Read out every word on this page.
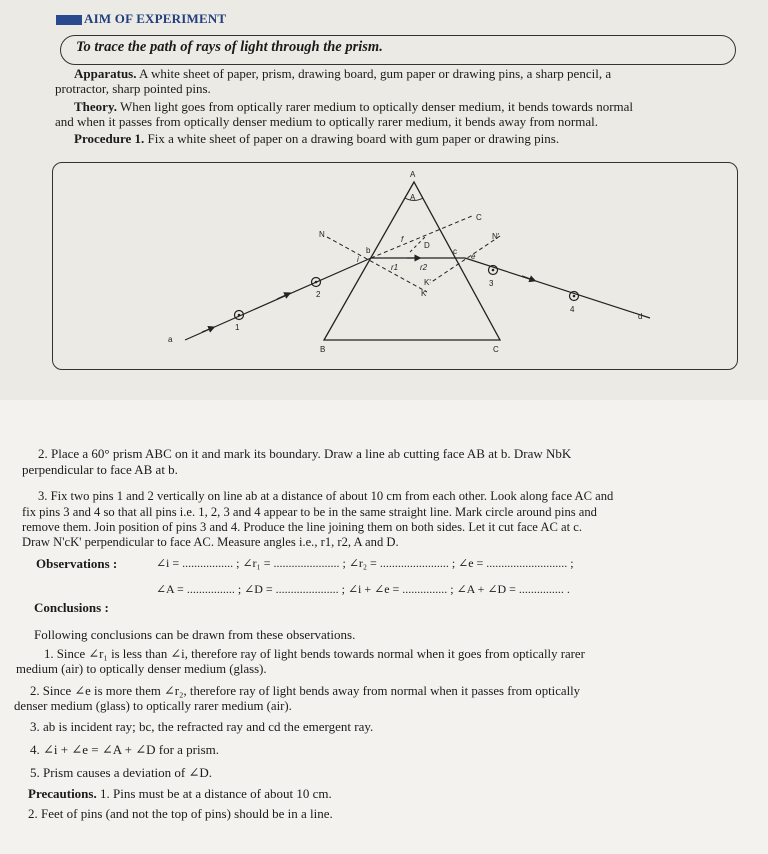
AIM OF EXPERIMENT
To trace the path of rays of light through the prism.
Apparatus. A white sheet of paper, prism, drawing board, gum paper or drawing pins, a sharp pencil, a
protractor, sharp pointed pins.
Theory. When light goes from optically rarer medium to optically denser medium, it bends towards normal
and when it passes from optically denser medium to optically rarer medium, it bends away from normal.
Procedure 1. Fix a white sheet of paper on a drawing board with gum paper or drawing pins.
A
A
B	C
a
d
N	N'
C
K
K'
b	c
i	e
r1	r2
D
f
1
2
3
4
2. Place a 60° prism ABC on it and mark its boundary. Draw a line ab cutting face AB at b. Draw NbK
perpendicular to face AB at b.
3. Fix two pins 1 and 2 vertically on line ab at a distance of about 10 cm from each other. Look along face AC and
fix pins 3 and 4 so that all pins i.e. 1, 2, 3 and 4 appear to be in the same straight line. Mark circle around pins and
remove them. Join position of pins 3 and 4. Produce the line joining them on both sides. Let it cut face AC at c.
Draw N'cK' perpendicular to face AC. Measure angles i.e., r1, r2, A and D.
Observations :	∠i = ................. ; ∠r₁ = ...................... ; ∠r₂ = ....................... ; ∠e = ........................... ;
∠A = ................ ; ∠D = ..................... ; ∠i + ∠e = ............... ; ∠A + ∠D = ............... .
Conclusions :
Following conclusions can be drawn from these observations.
1. Since ∠r₁ is less than ∠i, therefore ray of light bends towards normal when it goes from optically rarer
medium (air) to optically denser medium (glass).
2. Since ∠e is more them ∠r₂, therefore ray of light bends away from normal when it passes from optically
denser medium (glass) to optically rarer medium (air).
3. ab is incident ray; bc, the refracted ray and cd the emergent ray.
4. ∠i + ∠e = ∠A + ∠D for a prism.
5. Prism causes a deviation of ∠D.
Precautions. 1. Pins must be at a distance of about 10 cm.
2. Feet of pins (and not the top of pins) should be in a line.
